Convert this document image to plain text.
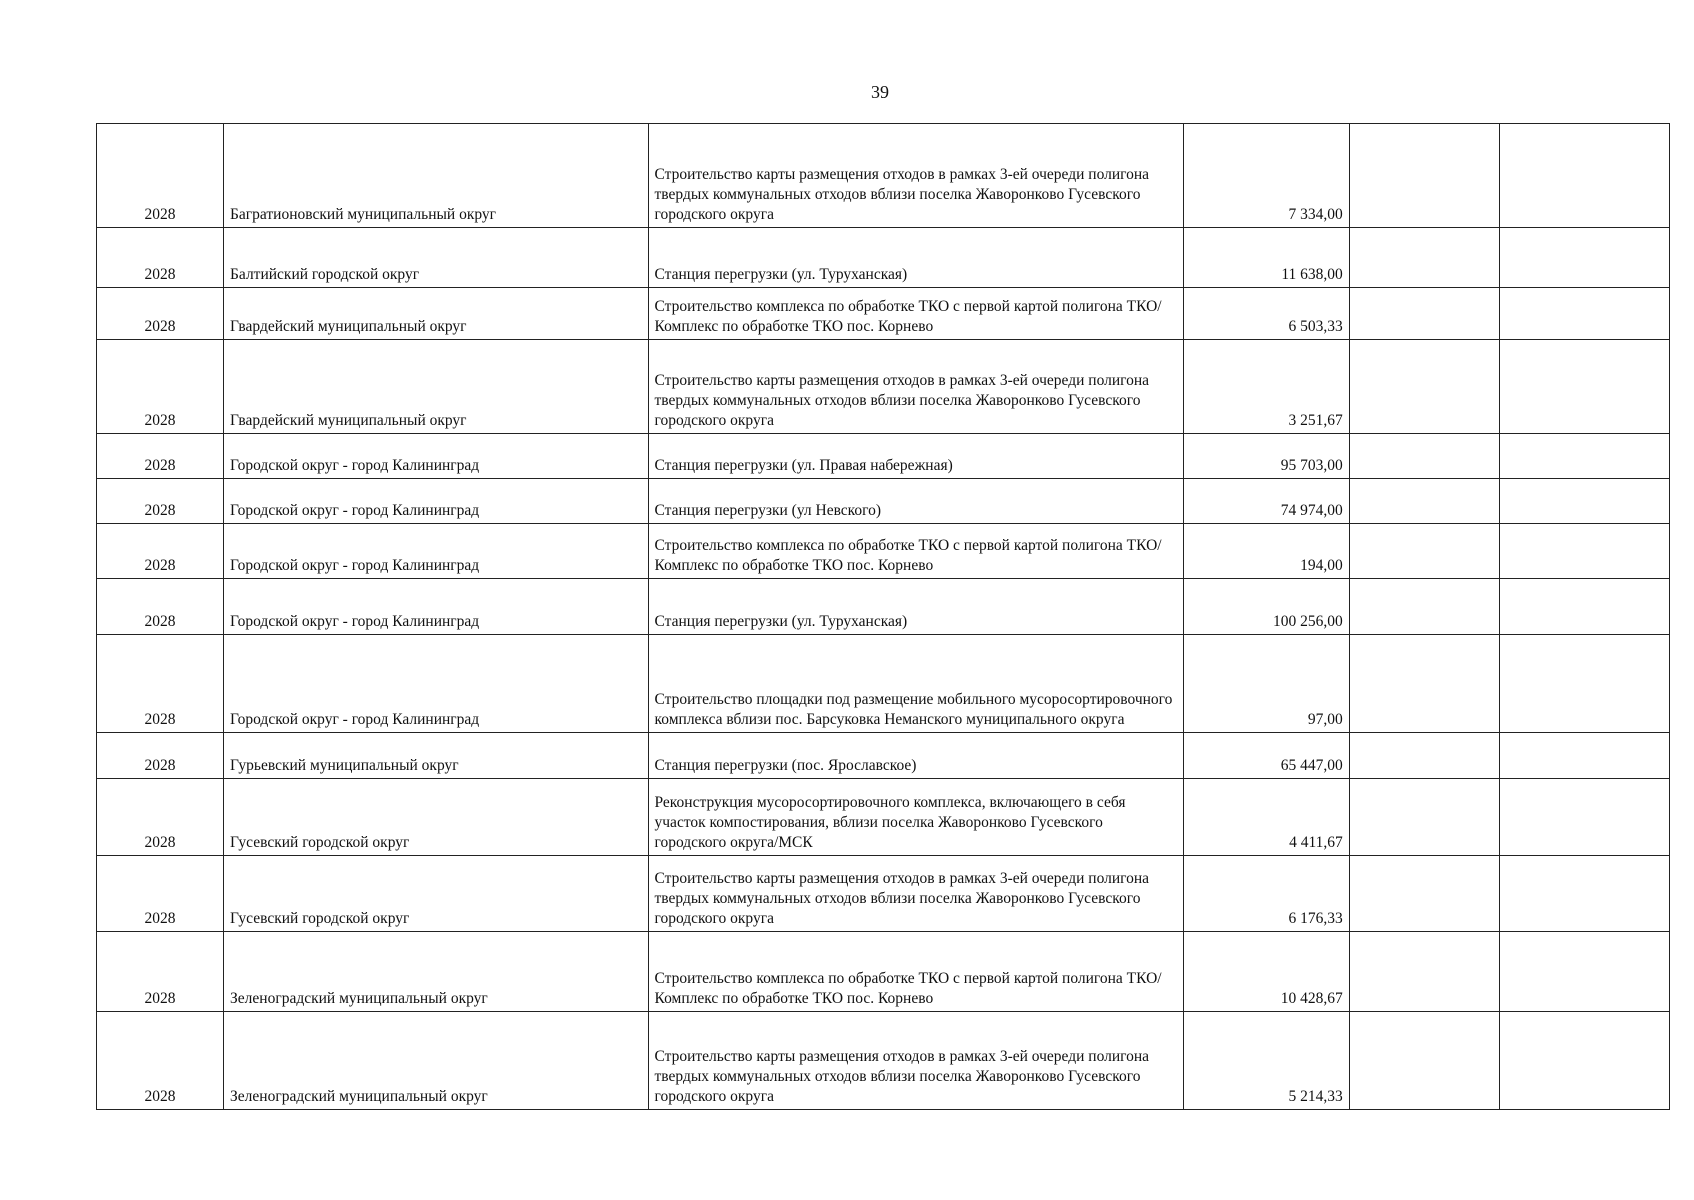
39
2028	Багратионовский муниципальный округ	Строительство карты размещения отходов в рамках 3-ей очереди полигона твердых коммунальных отходов вблизи поселка Жаворонково Гусевского городского округа	7 334,00		
2028	Балтийский городской округ	Станция перегрузки (ул. Туруханская)	11 638,00		
2028	Гвардейский муниципальный округ	Строительство комплекса по обработке ТКО с первой картой полигона ТКО/Комплекс по обработке ТКО пос. Корнево	6 503,33		
2028	Гвардейский муниципальный округ	Строительство карты размещения отходов в рамках 3-ей очереди полигона твердых коммунальных отходов вблизи поселка Жаворонково Гусевского городского округа	3 251,67		
2028	Городской округ - город Калининград	Станция перегрузки (ул. Правая набережная)	95 703,00		
2028	Городской округ - город Калининград	Станция перегрузки (ул Невского)	74 974,00		
2028	Городской округ - город Калининград	Строительство комплекса по обработке ТКО с первой картой полигона ТКО/Комплекс по обработке ТКО пос. Корнево	194,00		
2028	Городской округ - город Калининград	Станция перегрузки (ул. Туруханская)	100 256,00		
2028	Городской округ - город Калининград	Строительство площадки под размещение мобильного мусоросортировочного комплекса вблизи пос. Барсуковка Неманского муниципального округа	97,00		
2028	Гурьевский муниципальный округ	Станция перегрузки (пос. Ярославское)	65 447,00		
2028	Гусевский городской округ	Реконструкция мусоросортировочного комплекса, включающего в себя участок компостирования, вблизи поселка Жаворонково Гусевского городского округа/МСК	4 411,67		
2028	Гусевский городской округ	Строительство карты размещения отходов в рамках 3-ей очереди полигона твердых коммунальных отходов вблизи поселка Жаворонково Гусевского городского округа	6 176,33		
2028	Зеленоградский муниципальный округ	Строительство комплекса по обработке ТКО с первой картой полигона ТКО/Комплекс по обработке ТКО пос. Корнево	10 428,67		
2028	Зеленоградский муниципальный округ	Строительство карты размещения отходов в рамках 3-ей очереди полигона твердых коммунальных отходов вблизи поселка Жаворонково Гусевского городского округа	5 214,33		
